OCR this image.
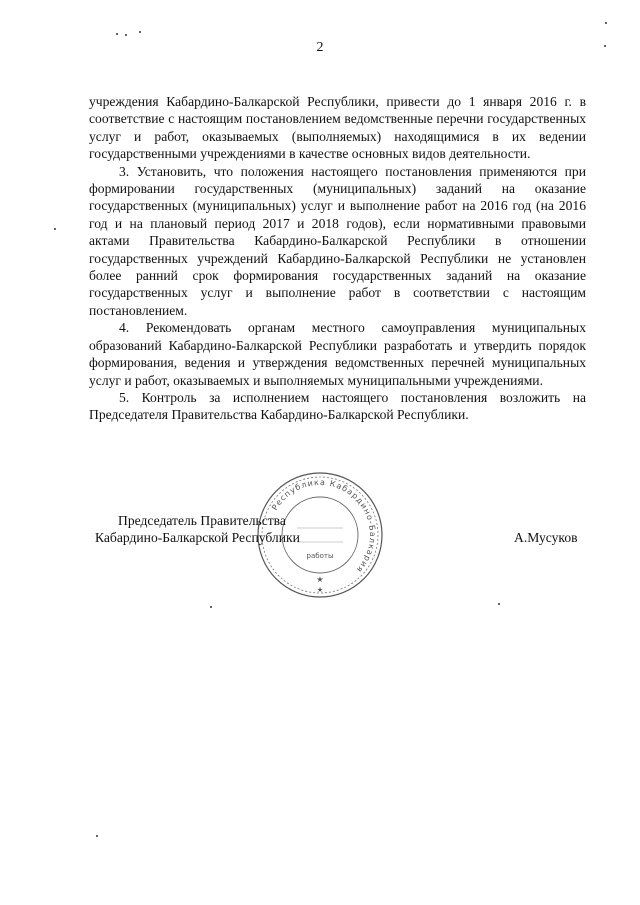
2

учреждения Кабардино-Балкарской Республики, привести до 1 января 2016 г. в соответствие с настоящим постановлением ведомственные перечни государственных услуг и работ, оказываемых (выполняемых) находящимися в их ведении государственными учреждениями в качестве основных видов деятельности.

3. Установить, что положения настоящего постановления применяются при формировании государственных (муниципальных) заданий на оказание государственных (муниципальных) услуг и выполнение работ на 2016 год (на 2016 год и на плановый период 2017 и 2018 годов), если нормативными правовыми актами Правительства Кабардино-Балкарской Республики в отношении государственных учреждений Кабардино-Балкарской Республики не установлен более ранний срок формирования государственных заданий на оказание государственных услуг и выполнение работ в соответствии с настоящим постановлением.

4. Рекомендовать органам местного самоуправления муниципальных образований Кабардино-Балкарской Республики разработать и утвердить порядок формирования, ведения и утверждения ведомственных перечней муниципальных услуг и работ, оказываемых и выполняемых муниципальными учреждениями.

5. Контроль за исполнением настоящего постановления возложить на Председателя Правительства Кабардино-Балкарской Республики.

Республика Кабардино-Балкария
работы
★
★
Председатель Правительства
Кабардино-Балкарской Республики	А.Мусуков
